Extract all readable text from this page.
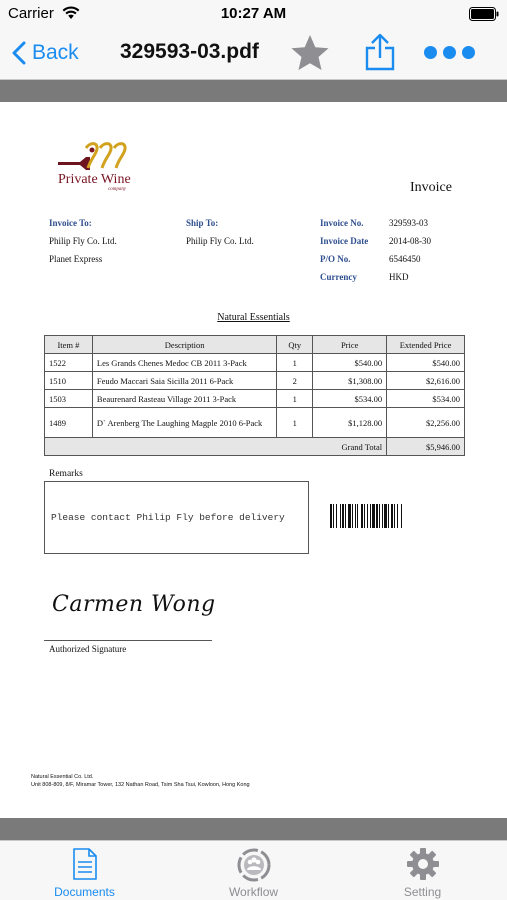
Carrier	10:27 AM
Back 329593-03.pdf
Private Wine
company	Invoice
Invoice To:
Philip Fly Co. Ltd.
Planet Express
Ship To:
Philip Fly Co. Ltd.
Invoice No.	329593-03
Invoice Date 2014-08-30
P/O No.	6546450
Currency	HKD
Natural Essentials
Item #	Description	Qty	Price	Extended Price
1522	Les Grands Chenes Medoc CB 2011 3-Pack	1	$540.00	$540.00
1510	Feudo Maccari Saia Sicilla 2011 6-Pack	2	$1,308.00	$2,616.00
1503	Beaurenard Rasteau Village 2011 3-Pack	1	$534.00	$534.00
1489	D` Arenberg The Laughing Magple 2010 6-Pack	1	$1,128.00	$2,256.00
Grand Total				$5,946.00
Remarks
Please contact Philip Fly before delivery
Carmen Wong
Authorized Signature
Natural Essential Co. Ltd.
Unit 808-809, 8/F, Miramar Tower, 132 Nathan Road, Tsim Sha Tsui, Kowloon, Hong Kong
Documents	Workflow	Setting
